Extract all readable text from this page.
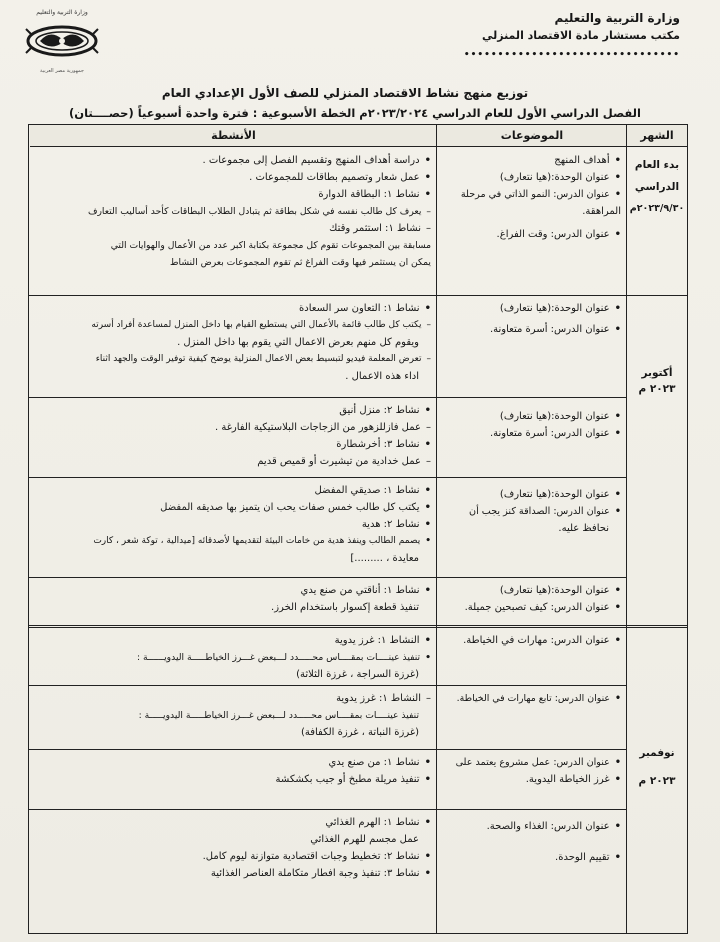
وزارة التربية والتعليم
مكتب مستشار مادة الاقتصاد المنزلي
••••••••••••••••••••••••••••••••
وزارة التربية والتعليم
جمهورية مصر العربية
توزيع منهج نشاط الاقتصاد المنزلي للصف الأول الإعدادي العام
الفصل الدراسي الأول للعام الدراسي ٢٠٢٣/٢٠٢٤م الخطة الأسبوعية : فترة واحدة أسبوعياً (حصــــتان)
الشهر
الموضوعات
الأنشطة
بدء العام
الدراسي
٢٠٢٣/٩/٣٠م
أكتوبر
٢٠٢٣ م
نوفمبر
٢٠٢٣ م
• أهداف المنهج
• عنوان الوحدة:(هيا نتعارف)
• عنوان الدرس: النمو الذاتي في مرحلة
المراهقة.
• عنوان الدرس: وقت الفراغ.
• دراسة أهداف المنهج وتقسيم الفصل إلى مجموعات .
• عمل شعار وتصميم بطاقات للمجموعات .
• نشاط ١: البطاقة الدوارة
– يعرف كل طالب نفسه في شكل بطاقة ثم يتبادل الطلاب البطاقات كأحد أساليب التعارف
– نشاط ١: استثمر وقتك
مسابقة بين المجموعات تقوم كل مجموعة بكتابة اكبر عدد من الأعمال والهوايات التي
يمكن ان يستثمر فيها وقت الفراغ ثم تقوم المجموعات بعرض النشاط
• عنوان الوحدة:(هيا نتعارف)
• عنوان الدرس: أسرة متعاونة.
• نشاط ١: التعاون سر السعادة
– يكتب كل طالب قائمة بالأعمال التي يستطيع القيام بها داخل المنزل لمساعدة أفراد أسرته
ويقوم كل منهم بعرض الاعمال التي يقوم بها داخل المنزل .
– تعرض المعلمة فيديو لتبسيط بعض الاعمال المنزلية يوضح كيفية توفير الوقت والجهد اثناء
اداء هذه الاعمال .
• عنوان الوحدة:(هيا نتعارف)
• عنوان الدرس: أسرة متعاونة.
• نشاط ٢: منزل أنيق
– عمل فازللزهور من الزجاجات البلاستيكية الفارغة .
• نشاط ٣: أخرشطارة
– عمل خدادية من تيشيرت أو قميص قديم
• عنوان الوحدة:(هيا نتعارف)
• عنوان الدرس: الصداقة كنز يجب أن
نحافظ عليه.
• نشاط ١: صديقي المفضل
• يكتب كل طالب خمس صفات يحب ان يتميز بها صديقه المفضل
• نشاط ٢: هدية
• يصمم الطالب وينفذ هدية من خامات البيئة لتقديمها لأصدقائه [ميدالية ، توكة شعر ، كارت
معايدة ، .........]
• عنوان الوحدة:(هيا نتعارف)
• عنوان الدرس: كيف تصبحين جميلة.
• نشاط ١: أناقتي من صنع يدي
تنفيذ قطعة إكسوار باستخدام الخرز.
• عنوان الدرس: مهارات في الخياطة.
• النشاط ١: غرز يدوية
• تنفيذ عينــــات بمقــــاس محـــــدد لـــبعض غـــرز الخياطـــــة اليدويــــــة :
(غرزة السراجة ، غرزة الثلاثة)
• عنوان الدرس: تابع مهارات في الخياطة.
– النشاط ١: غرز يدوية
تنفيذ عينــــات بمقــــاس محـــــدد لـــبعض غـــرز الخياطـــــة اليدويـــــة :
(غرزة النباتة ، غرزة الكفافة)
• عنوان الدرس: عمل مشروع يعتمد على
• غرز الخياطة اليدوية.
• نشاط ١: من صنع يدي
• تنفيذ مريلة مطبخ أو جيب بكشكشة
• عنوان الدرس: الغذاء والصحة.
• تقييم الوحدة.
• نشاط ١: الهرم الغذائي
عمل مجسم للهرم الغذائي
• نشاط ٢: تخطيط وجبات اقتصادية متوازنة ليوم كامل.
• نشاط ٣: تنفيذ وجبة افطار متكاملة العناصر الغذائية
